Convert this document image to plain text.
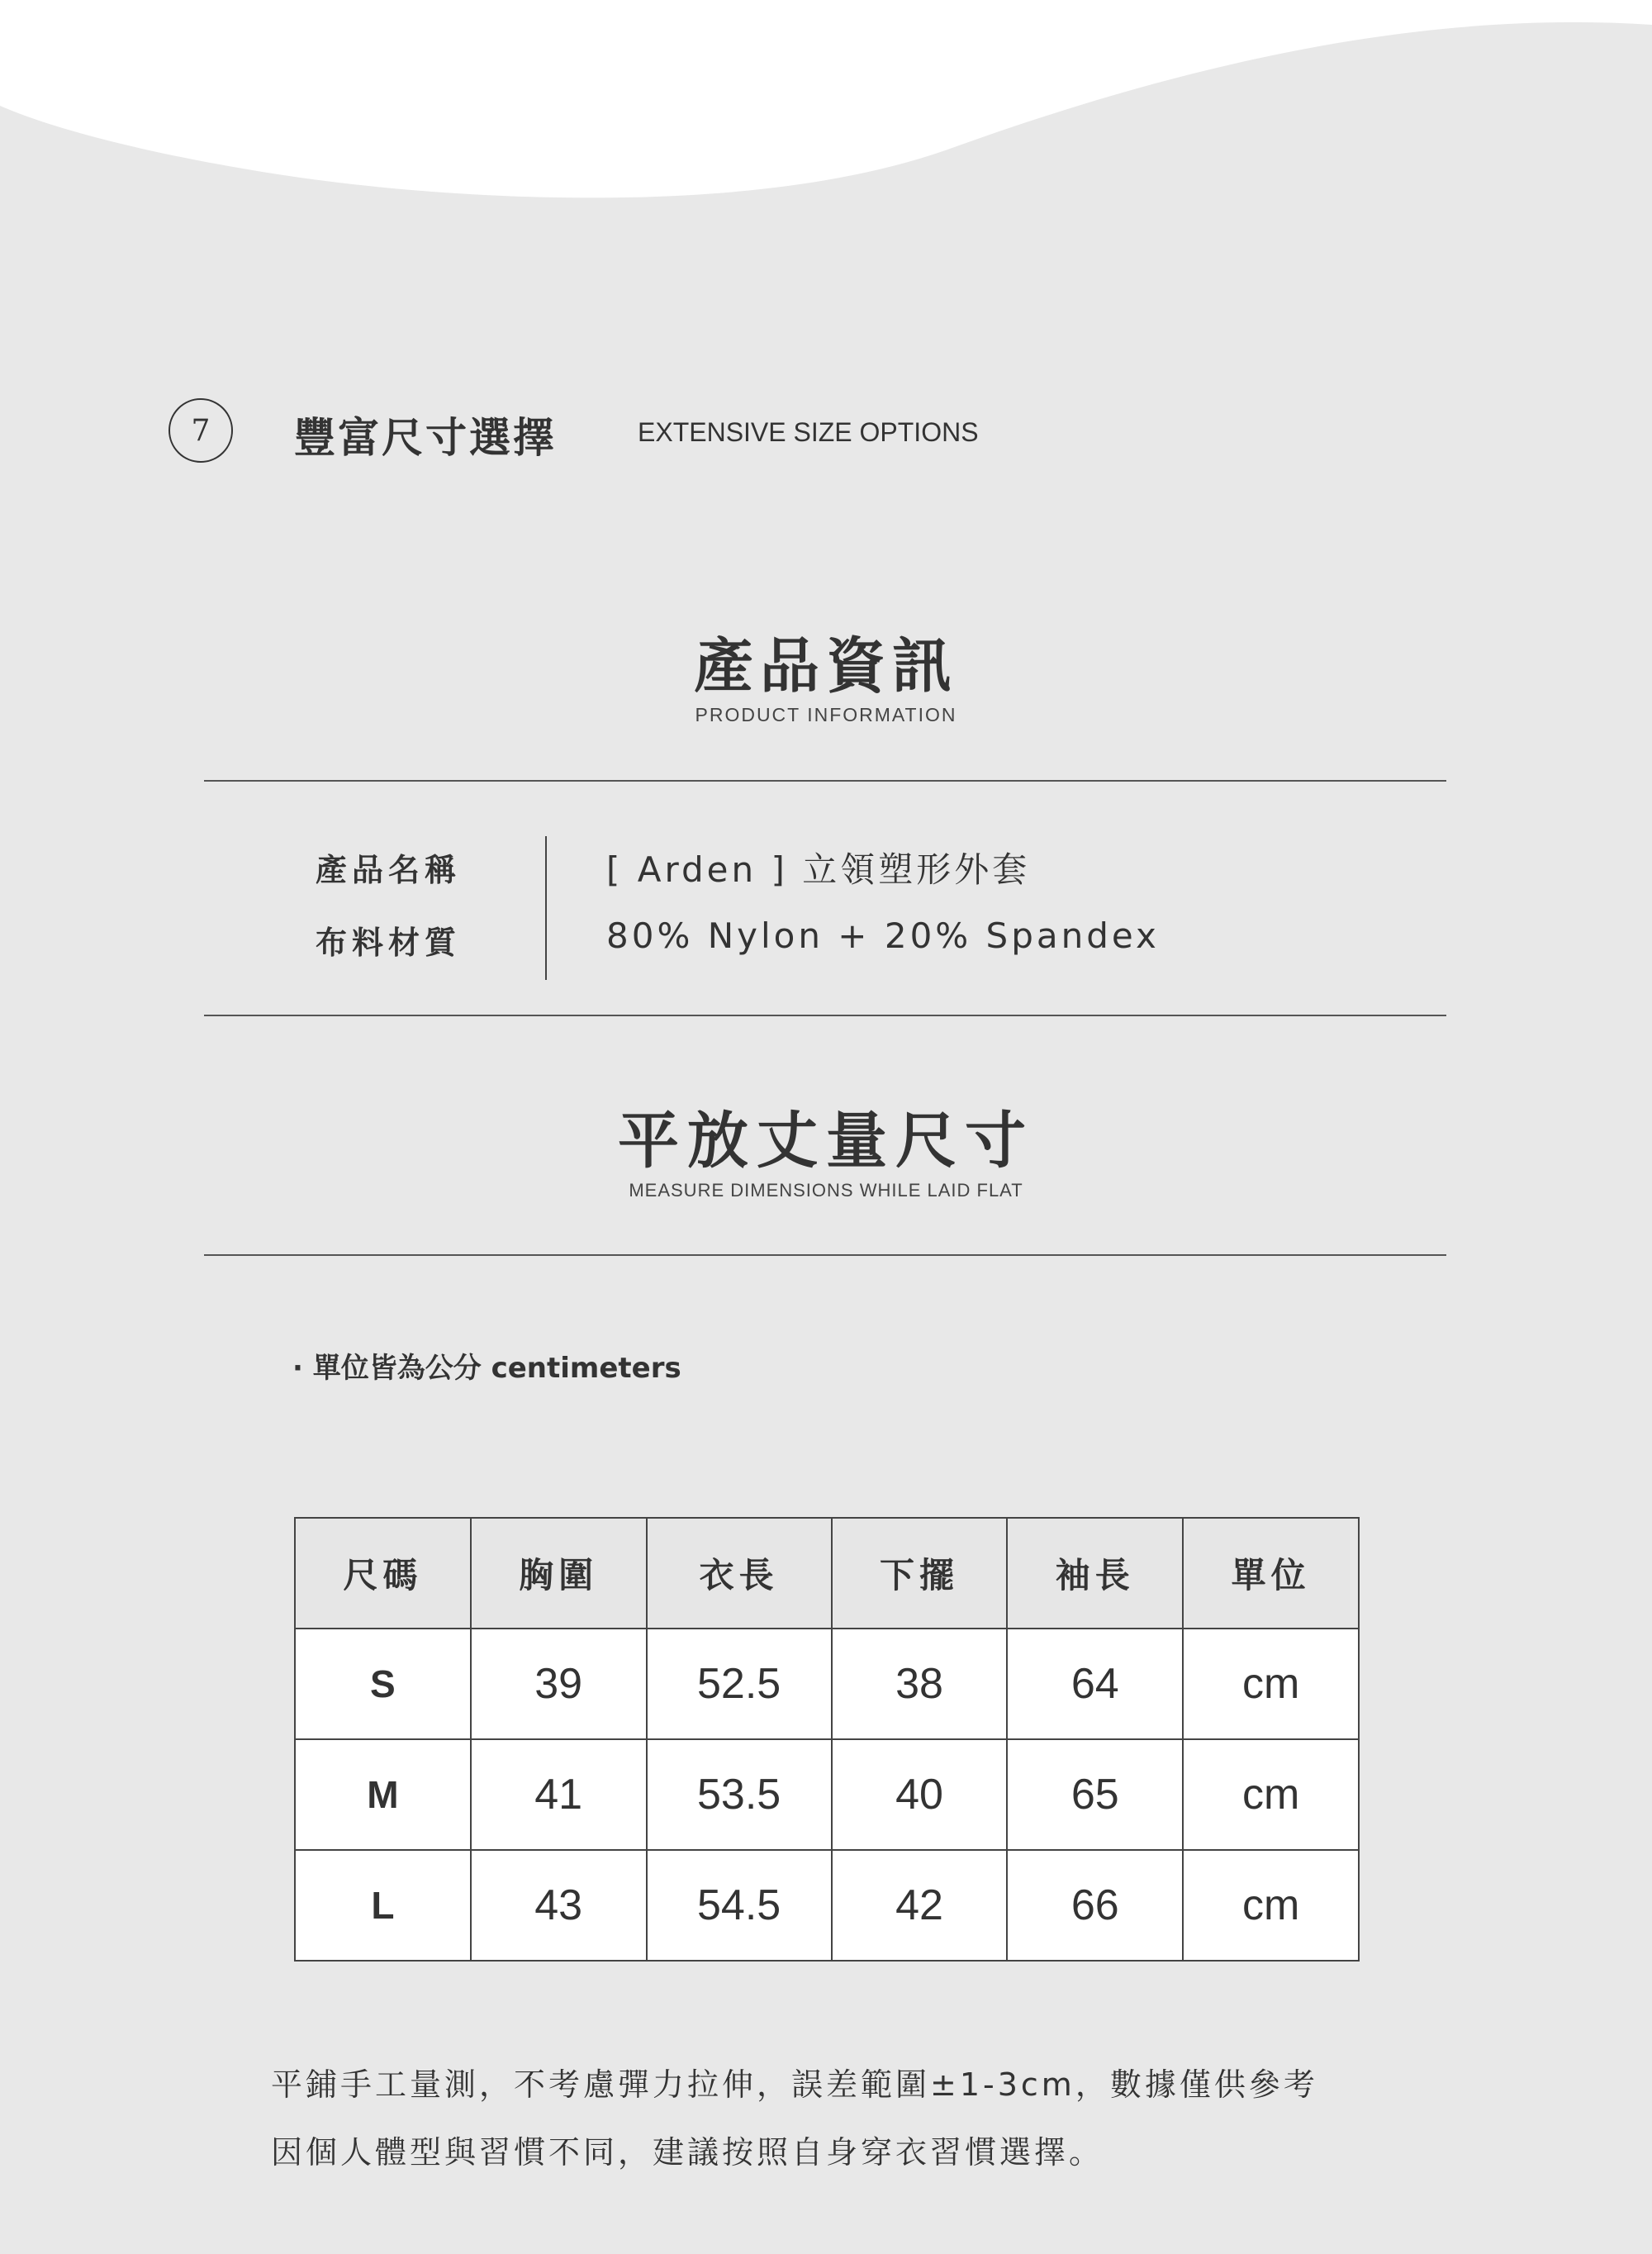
7	豐富尺寸選擇	EXTENSIVE SIZE OPTIONS
產品資訊
PRODUCT INFORMATION
產品名稱	[ Arden ] 立領塑形外套
布料材質	80% Nylon + 20% Spandex
平放丈量尺寸
MEASURE DIMENSIONS WHILE LAID FLAT
· 單位皆為公分 centimeters
尺碼	胸圍	衣長	下擺	袖長	單位
S	39	52.5	38	64	cm
M	41	53.5	40	65	cm
L	43	54.5	42	66	cm
平鋪手工量測，不考慮彈力拉伸，誤差範圍±1-3cm，數據僅供參考
因個人體型與習慣不同，建議按照自身穿衣習慣選擇。
